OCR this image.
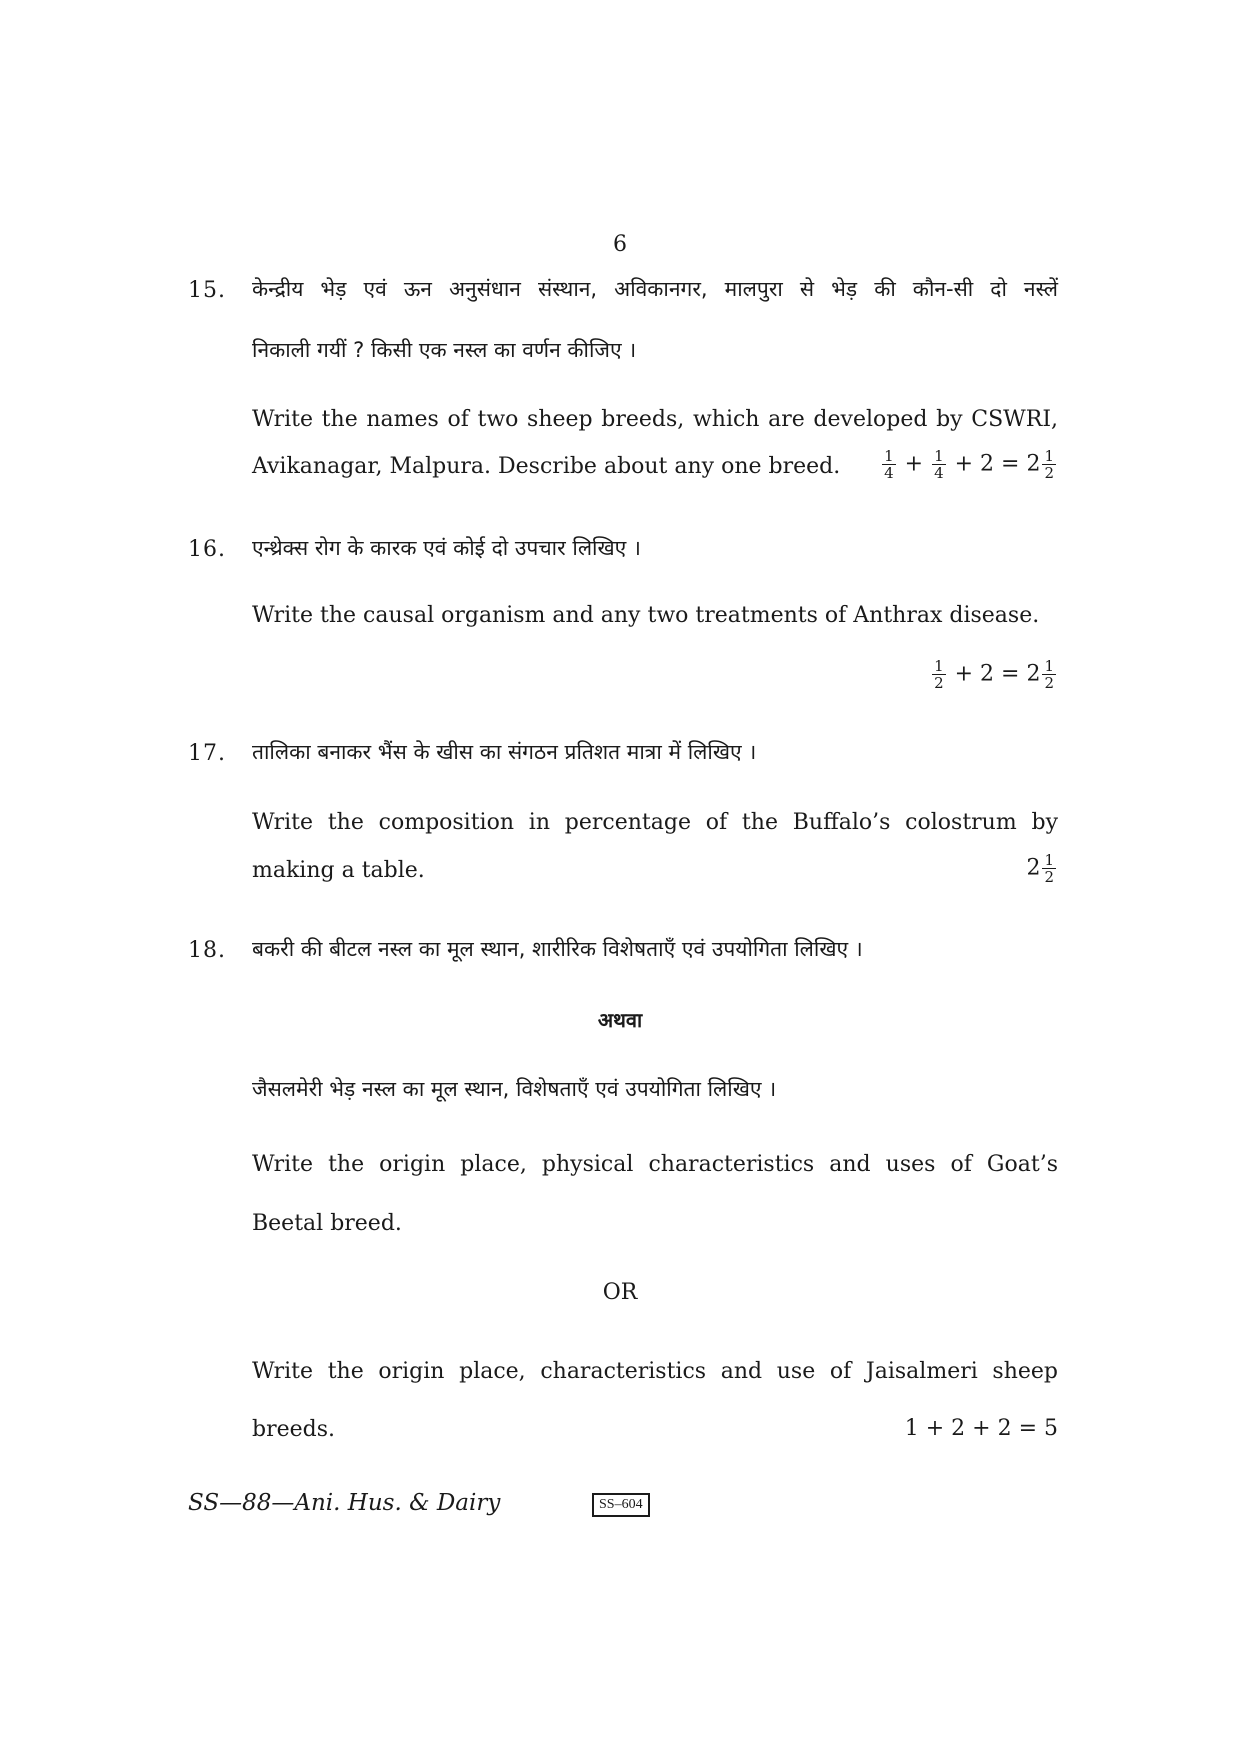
6
15. केन्द्रीय भेड़ एवं ऊन अनुसंधान संस्थान, अविकानगर, मालपुरा से भेड़ की कौन-सी दो नस्लें
निकाली गयीं ? किसी एक नस्ल का वर्णन कीजिए ।
Write the names of two sheep breeds, which are developed by CSWRI,
Avikanagar, Malpura. Describe about any one breed.	$\frac{1}{4} + \frac{1}{4} + 2 = 2 \frac{1}{2}$
16. एन्थ्रेक्स रोग के कारक एवं कोई दो उपचार लिखिए ।
Write the causal organism and any two treatments of Anthrax disease.
$\frac{1}{2} + 2 = 2 \frac{1}{2}$
17. तालिका बनाकर भैंस के खीस का संगठन प्रतिशत मात्रा में लिखिए ।
Write the composition in percentage of the Buffalo’s colostrum by
making a table.	$2 \frac{1}{2}$
18. बकरी की बीटल नस्ल का मूल स्थान, शारीरिक विशेषताएँ एवं उपयोगिता लिखिए ।
अथवा
जैसलमेरी भेड़ नस्ल का मूल स्थान, विशेषताएँ एवं उपयोगिता लिखिए ।
Write the origin place, physical characteristics and uses of Goat’s
Beetal breed.
OR
Write the origin place, characteristics and use of Jaisalmeri sheep
breeds.	1 + 2 + 2 = 5
SS—88—Ani. Hus. & Dairy	SS–604
